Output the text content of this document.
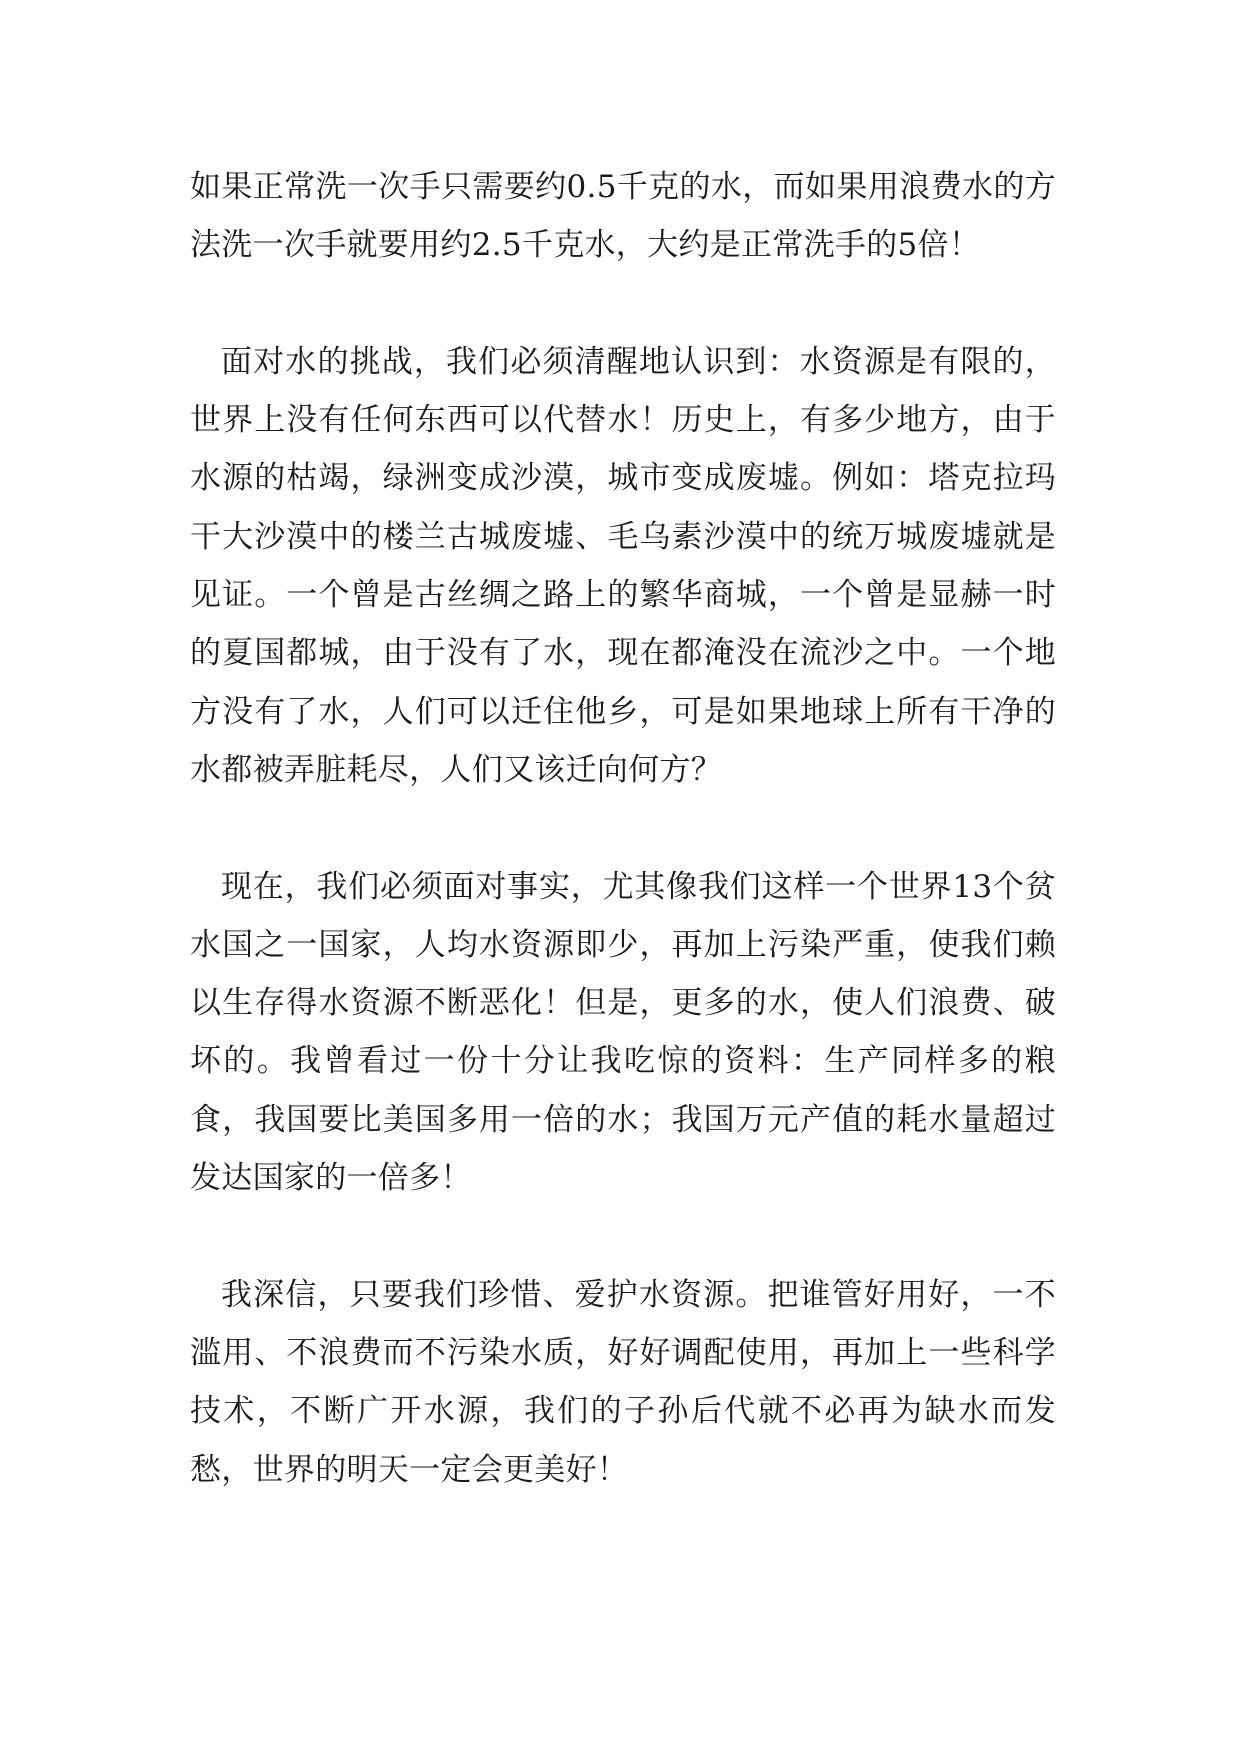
如果正常洗一次手只需要约0.5千克的水，而如果用浪费水的方法洗一次手就要用约2.5千克水，大约是正常洗手的5倍！

面对水的挑战，我们必须清醒地认识到：水资源是有限的，世界上没有任何东西可以代替水！历史上，有多少地方，由于水源的枯竭，绿洲变成沙漠，城市变成废墟。例如：塔克拉玛干大沙漠中的楼兰古城废墟、毛乌素沙漠中的统万城废墟就是见证。一个曾是古丝绸之路上的繁华商城，一个曾是显赫一时的夏国都城，由于没有了水，现在都淹没在流沙之中。一个地方没有了水，人们可以迁住他乡，可是如果地球上所有干净的水都被弄脏耗尽，人们又该迁向何方？

现在，我们必须面对事实，尤其像我们这样一个世界13个贫水国之一国家，人均水资源即少，再加上污染严重，使我们赖以生存得水资源不断恶化！但是，更多的水，使人们浪费、破坏的。我曾看过一份十分让我吃惊的资料：生产同样多的粮食，我国要比美国多用一倍的水；我国万元产值的耗水量超过发达国家的一倍多！

我深信，只要我们珍惜、爱护水资源。把谁管好用好，一不滥用、不浪费而不污染水质，好好调配使用，再加上一些科学技术，不断广开水源，我们的子孙后代就不必再为缺水而发愁，世界的明天一定会更美好！
